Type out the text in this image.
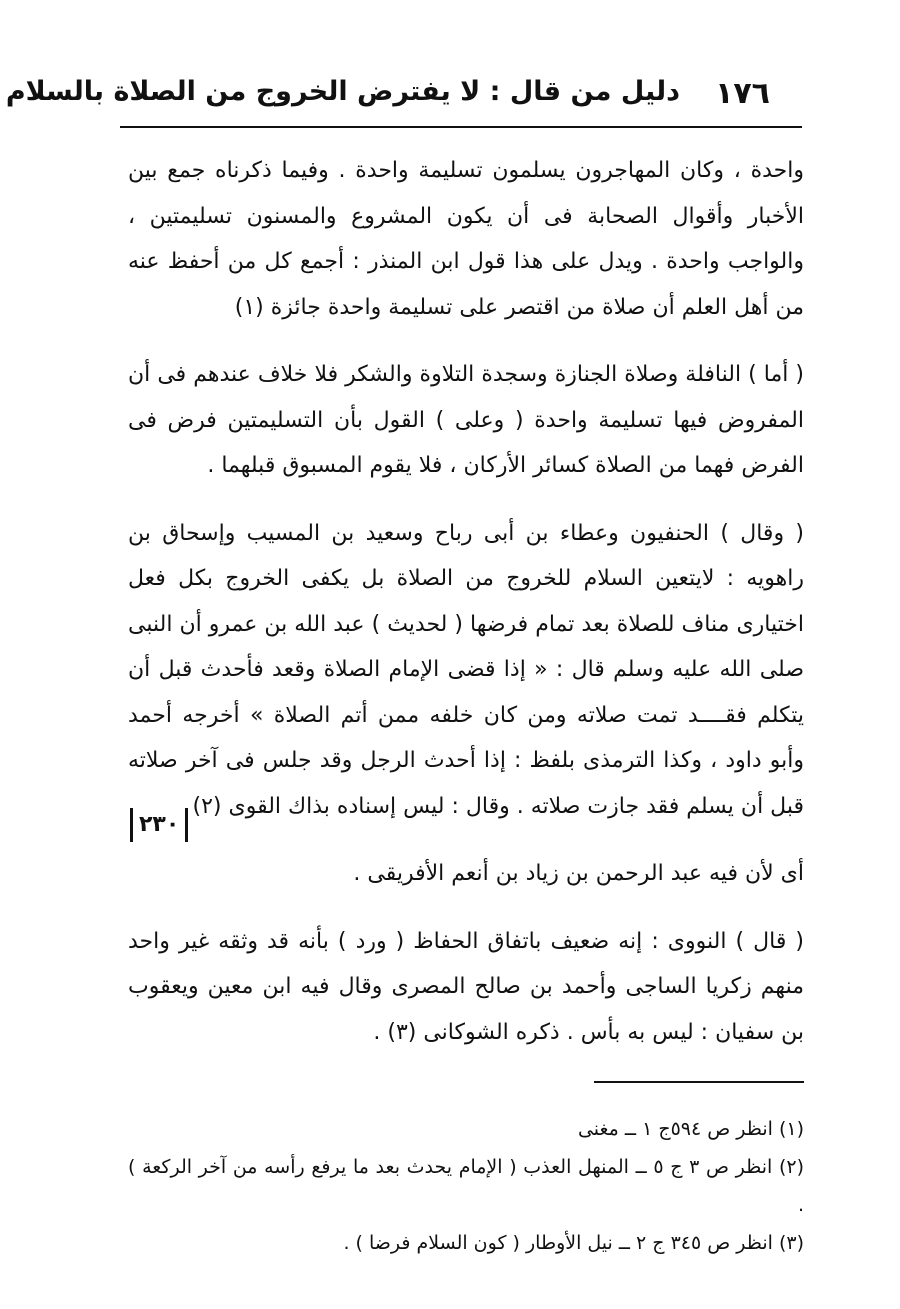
١٧٦
دليل من قال : لا يفترض الخروج من الصلاة بالسلام

واحدة ، وكان المهاجرون يسلمون تسليمة واحدة . وفيما ذكرناه جمع بين الأخبار وأقوال الصحابة فى أن يكون المشروع والمسنون تسليمتين ، والواجب واحدة . ويدل على هذا قول ابن المنذر : أجمع كل من أحفظ عنه من أهل العلم أن صلاة من اقتصر على تسليمة واحدة جائزة (١)

( أما ) النافلة وصلاة الجنازة وسجدة التلاوة والشكر فلا خلاف عندهم فى أن المفروض فيها تسليمة واحدة ( وعلى ) القول بأن التسليمتين فرض فى الفرض فهما من الصلاة كسائر الأركان ، فلا يقوم المسبوق قبلهما .

( وقال ) الحنفيون وعطاء بن أبى رباح وسعيد بن المسيب وإسحاق بن راهويه : لايتعين السلام للخروج من الصلاة بل يكفى الخروج بكل فعل اختيارى مناف للصلاة بعد تمام فرضها ( لحديث ) عبد الله بن عمرو أن النبى صلى الله عليه وسلم قال : « إذا قضى الإمام الصلاة وقعد فأحدث قبل أن يتكلم فقــــد تمت صلاته ومن كان خلفه ممن أتم الصلاة » أخرجه أحمد وأبو داود ، وكذا الترمذى بلفظ : إذا أحدث الرجل وقد جلس فى آخر صلاته قبل أن يسلم فقد جازت صلاته . وقال : ليس إسناده بذاك القوى (٢)

أى لأن فيه عبد الرحمن بن زياد بن أنعم الأفريقى .

( قال ) النووى : إنه ضعيف باتفاق الحفاظ ( ورد ) بأنه قد وثقه غير واحد منهم زكريا الساجى وأحمد بن صالح المصرى وقال فيه ابن معين ويعقوب بن سفيان : ليس به بأس . ذكره الشوكانى (٣) .

٢٣٠

(١) انظر ص ٥٩٤ج ١ ــ مغنى

(٢) انظر ص ٣ ج ٥ ــ المنهل العذب ( الإمام يحدث بعد ما يرفع رأسه من آخر الركعة ) .

(٣) انظر ص ٣٤٥ ج ٢ ــ نيل الأوطار ( كون السلام فرضا ) .
